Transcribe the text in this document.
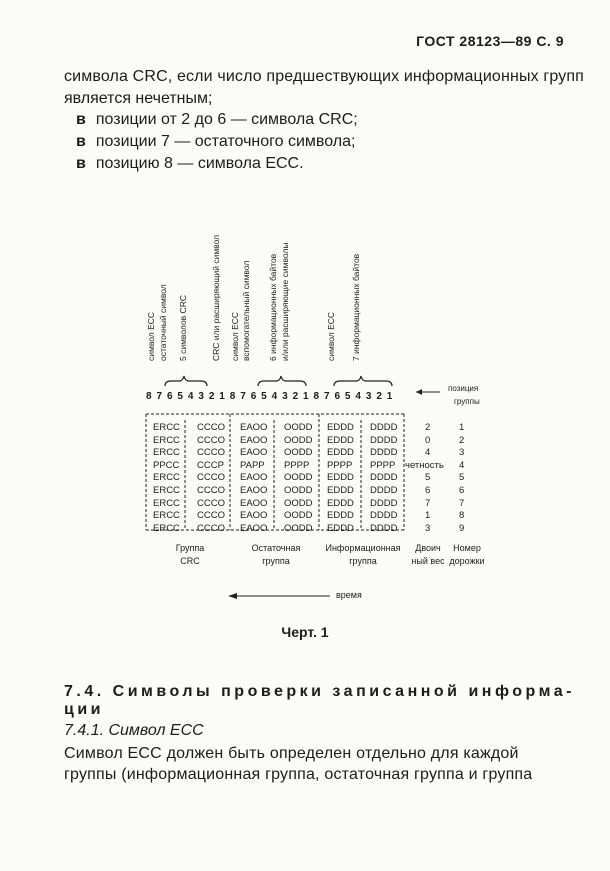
ГОСТ 28123—89 С. 9
символа CRC, если число предшествующих информационных групп
является нечетным;
в позиции от 2 до 6 — символа CRC;
в позиции 7 — остаточного символа;
в позицию 8 — символа ECC.
символ ECC остаточный символ 5 символов CRC	CRC или расширяющий символ символ ECC вспомогательный символ 6 информационных байтов и/или расширяющие символы	символ ECC 7 информационных байтов
876543218765432187654321
позиция
группы
ERCC CCCO EAOO OODD EDDD DDDD	2	1
ERCC CCCO EAOO OODD EDDD DDDD	0	2
ERCC CCCO EAOO OODD EDDD DDDD	4	3
PPCC CCCP PAPP PPPP PPPP PPPP четность 4
ERCC CCCO EAOO OODD EDDD DDDD	5	5
ERCC CCCO EAOO OODD EDDD DDDD	6	6
ERCC CCCO EAOO OODD EDDD DDDD	7	7
ERCC CCCO EAOO OODD EDDD DDDD	1	8
ERCC CCCO EAOO OODD EDDD DDDD	3	9
Группа
CRC
Остаточная
группа
Информационная
группа
Двоич
ный вес
Номер
дорожки
время
Черт. 1
7.4. Символы проверки записанной информа-
ции
7.4.1. Символ ECC
Символ ECC должен быть определен отдельно для каждой
группы (информационная группа, остаточная группа и группа
